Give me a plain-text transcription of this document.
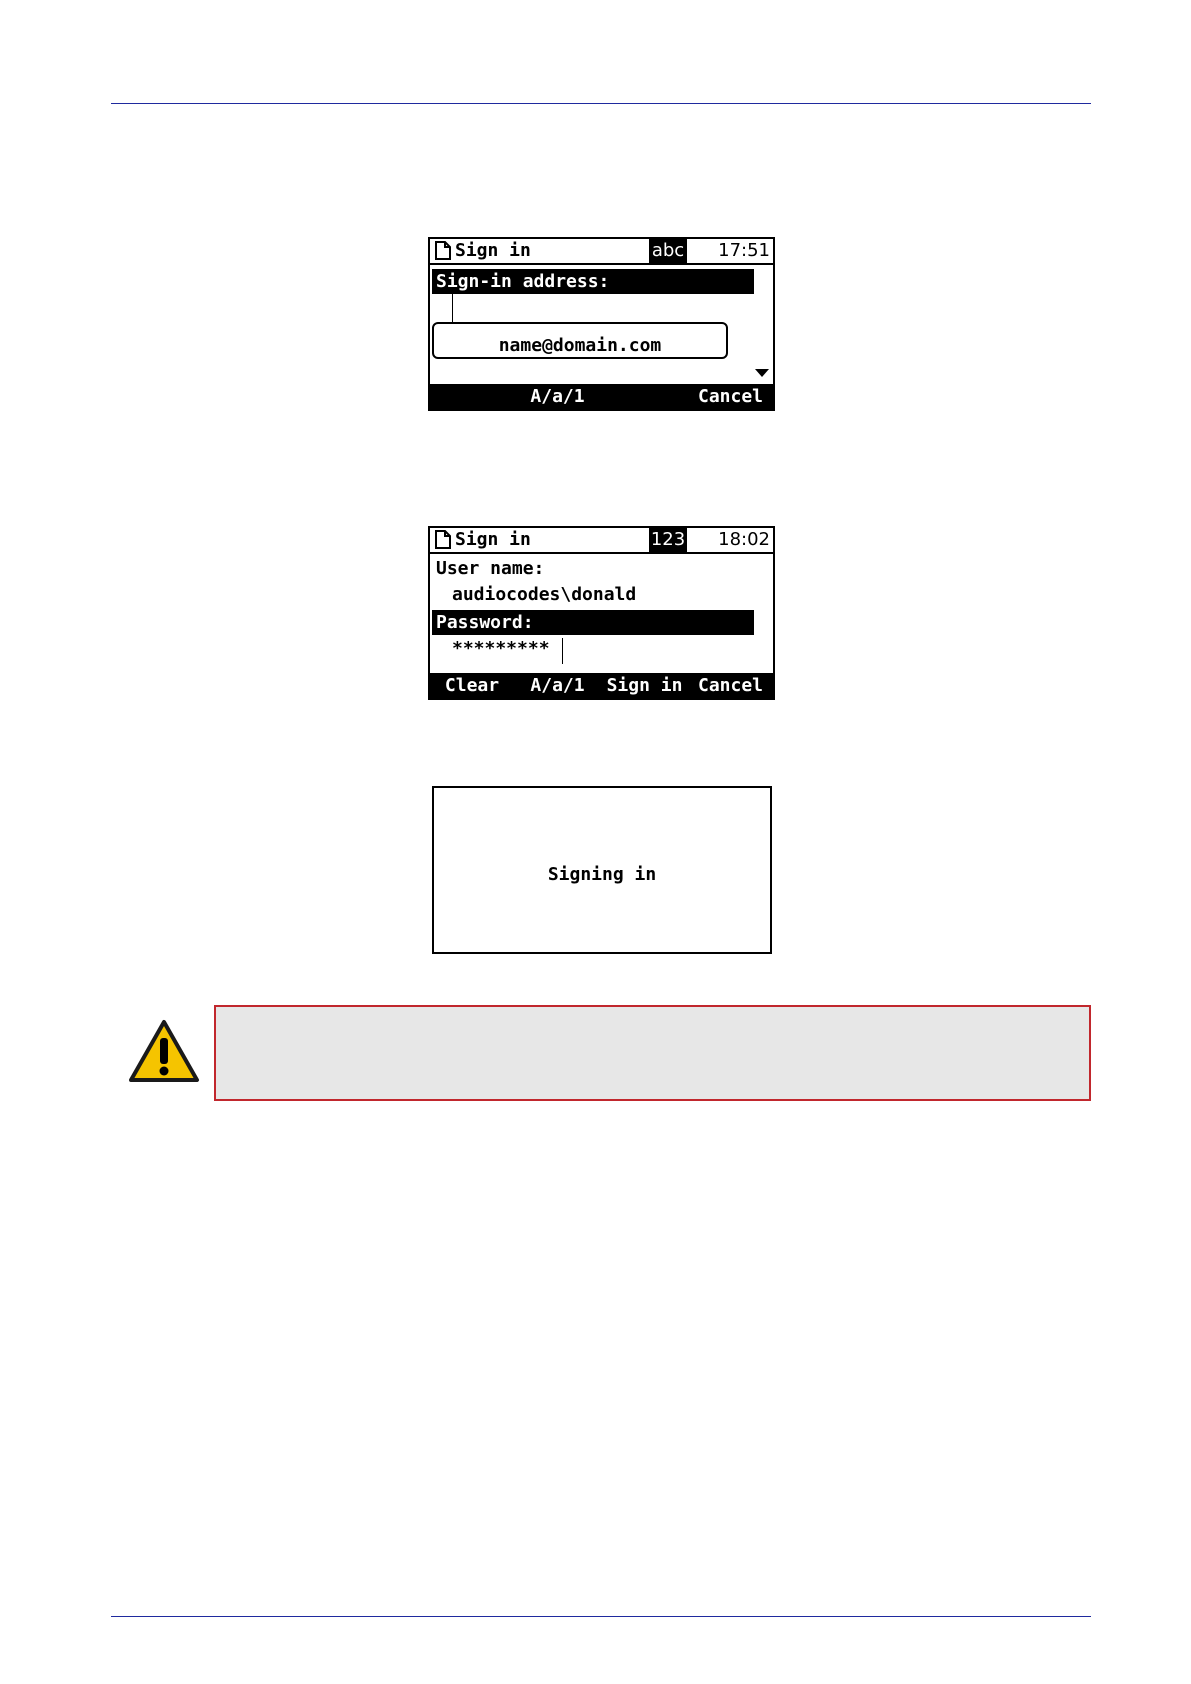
Sign in	abc 17:51
Sign-in address:
name@domain.com
A/a/1	Cancel
Sign in	123 18:02
User name:
audiocodes\donald
Password:
*********
Clear	A/a/1	Sign in Cancel
Signing in
